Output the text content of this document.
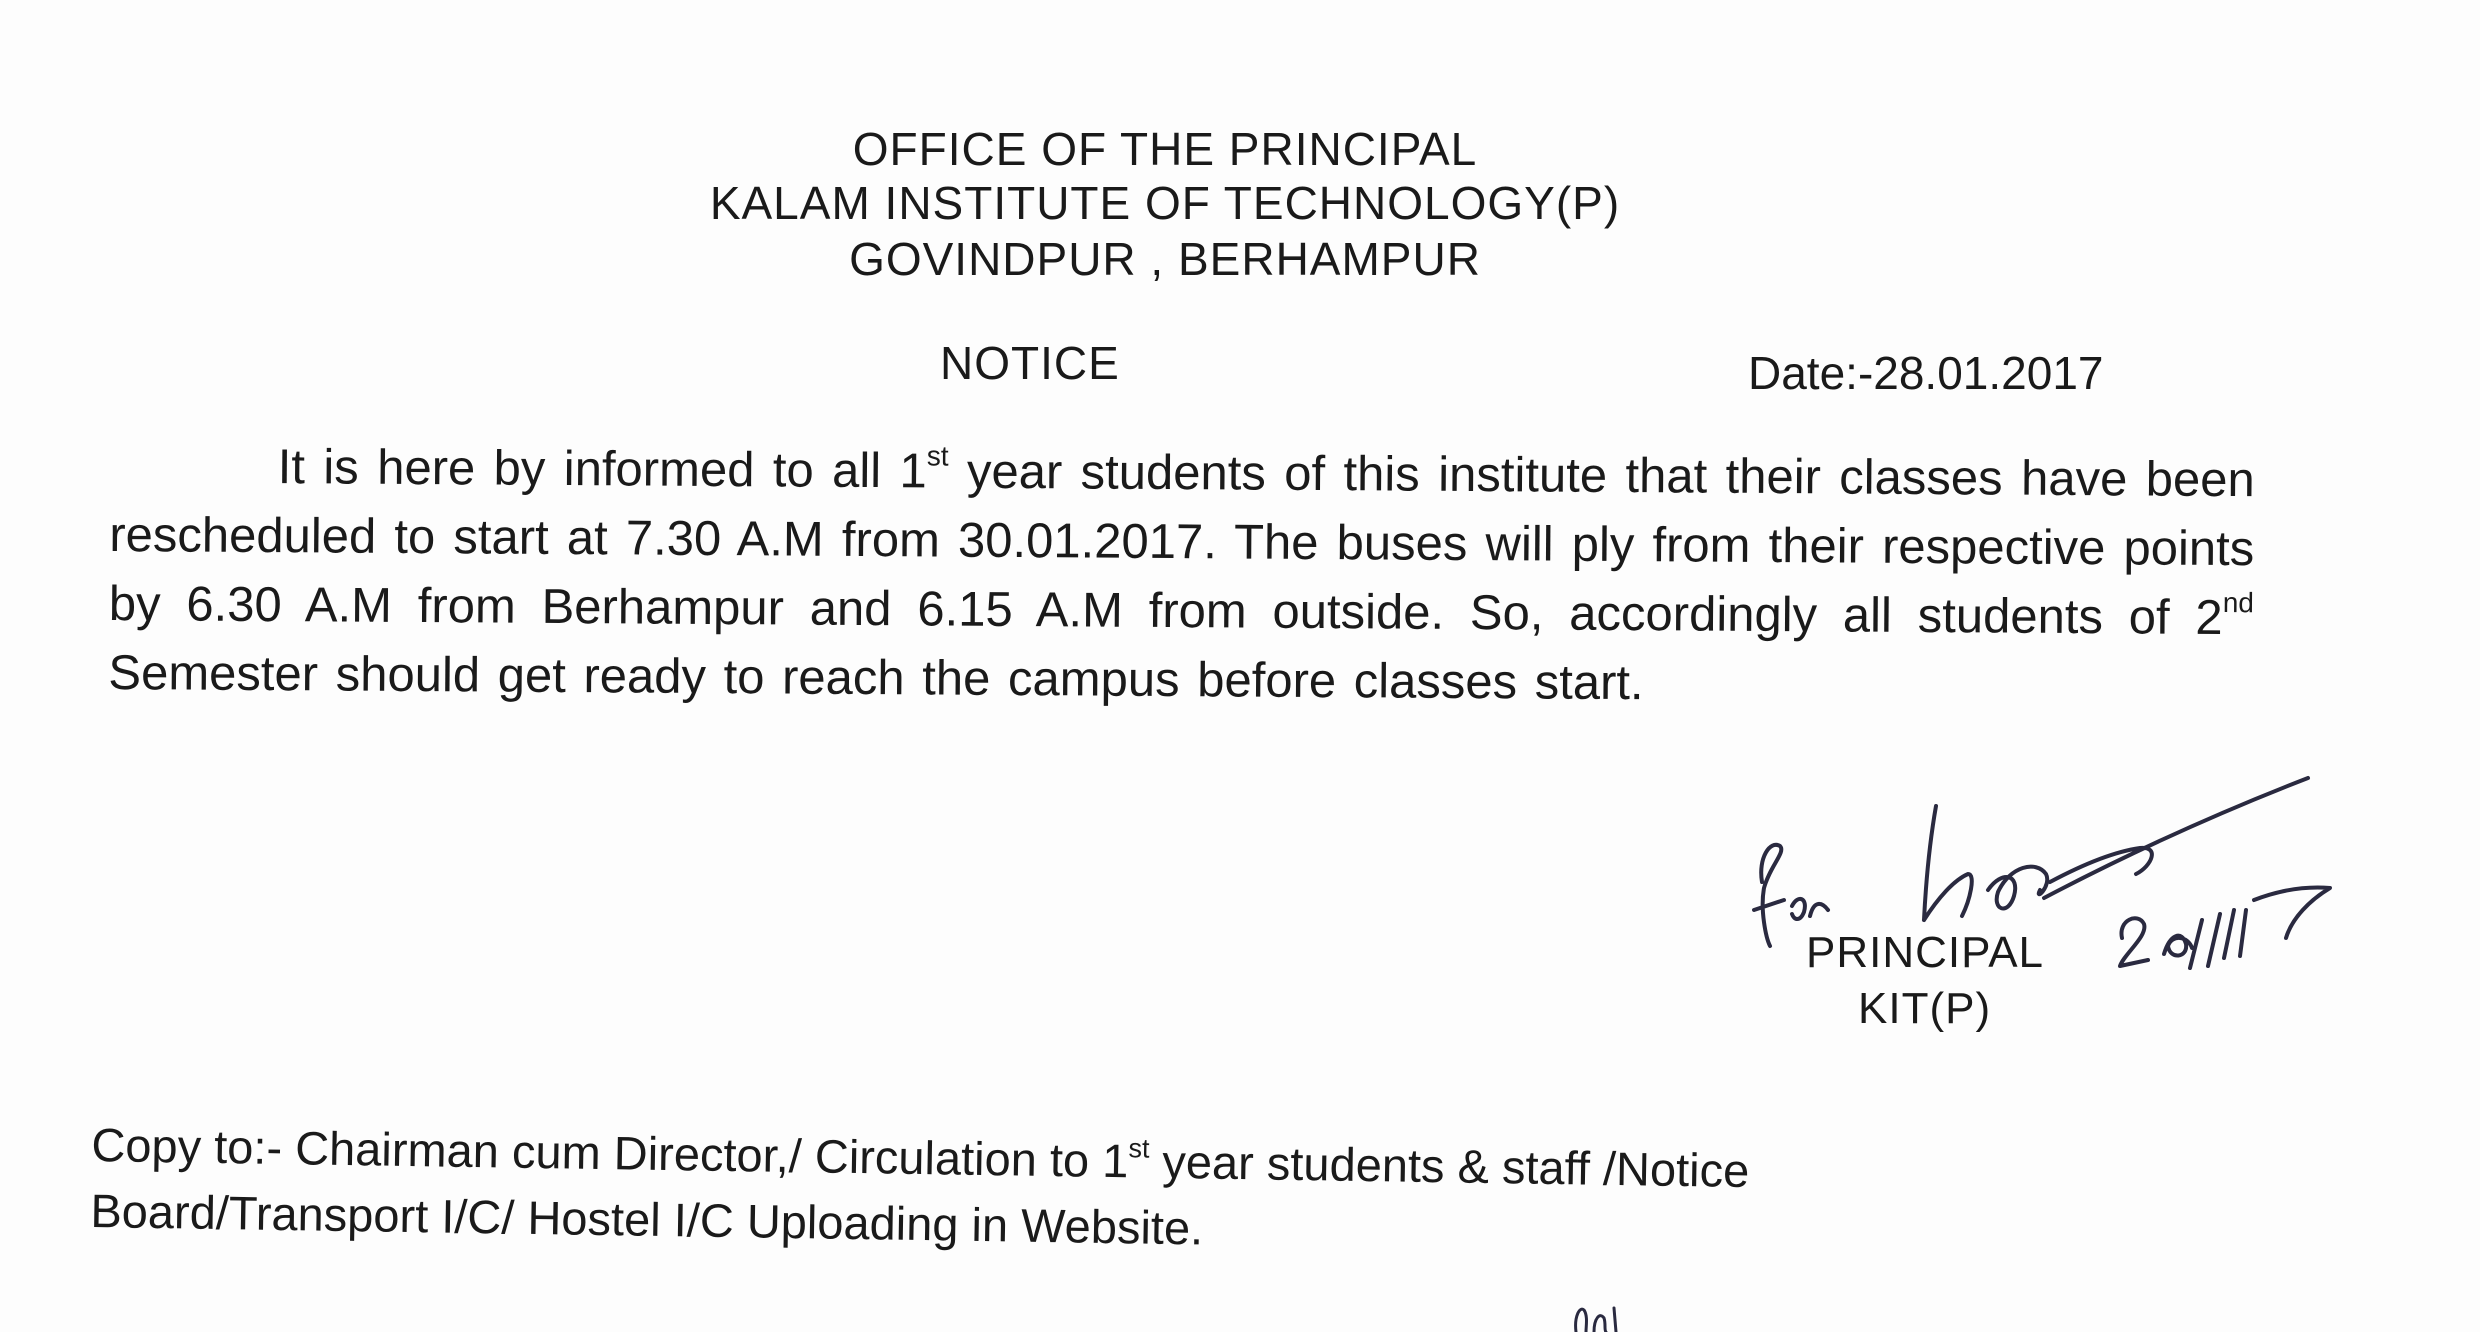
OFFICE OF THE PRINCIPAL
KALAM INSTITUTE OF TECHNOLOGY(P)
GOVINDPUR , BERHAMPUR
NOTICE	Date:-28.01.2017
It is here by informed to all 1st year students of this institute that their classes have been rescheduled to start at 7.30 A.M from 30.01.2017. The buses will ply from their respective points by 6.30 A.M from Berhampur and 6.15 A.M from outside. So, accordingly all students of 2nd Semester should get ready to reach the campus before classes start.
PRINCIPAL
KIT(P)
Copy to:- Chairman cum Director,/ Circulation to 1st year students & staff /Notice Board/Transport I/C/ Hostel I/C Uploading in Website.
